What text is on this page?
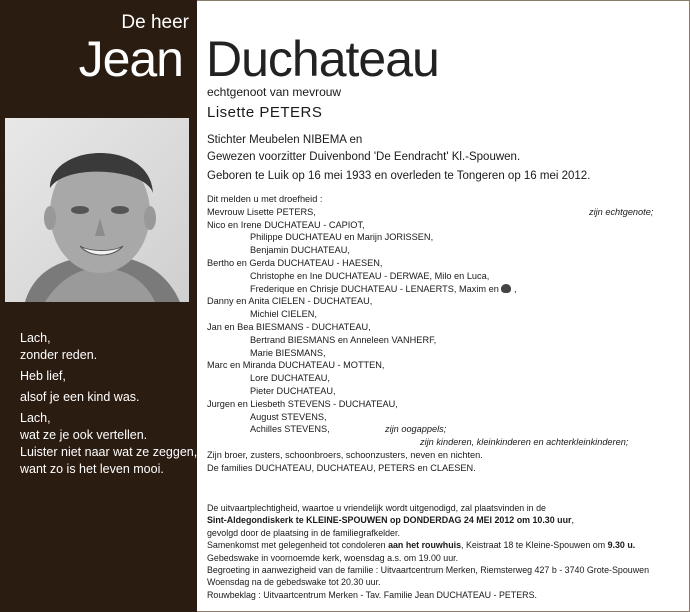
De heer
Jean
Lach,
zonder reden.
Heb lief,
alsof je een kind was.
Lach,
wat ze je ook vertellen.
Luister niet naar wat ze zeggen,
want zo is het leven mooi.
Duchateau
echtgenoot van mevrouw
Lisette PETERS
Stichter Meubelen NIBEMA en
Gewezen voorzitter Duivenbond 'De Eendracht' Kl.-Spouwen.
Geboren te Luik op 16 mei 1933 en overleden te Tongeren op 16 mei 2012.
Dit melden u met droefheid :
Mevrouw Lisette PETERS,	zijn echtgenote;
Nico en Irene DUCHATEAU - CAPIOT,
Philippe DUCHATEAU en Marijn JORISSEN,
Benjamin DUCHATEAU,
Bertho en Gerda DUCHATEAU - HAESEN,
Christophe en Ine DUCHATEAU - DERWAE, Milo en Luca,
Frederique en Chrisje DUCHATEAU - LENAERTS, Maxim en ,
Danny en Anita CIELEN - DUCHATEAU,
Michiel CIELEN,
Jan en Bea BIESMANS - DUCHATEAU,
Bertrand BIESMANS en Anneleen VANHERF,
Marie BIESMANS,
Marc en Miranda DUCHATEAU - MOTTEN,
Lore DUCHATEAU,
Pieter DUCHATEAU,
Jurgen en Liesbeth STEVENS - DUCHATEAU,
August STEVENS,
Achilles STEVENS,	zijn oogappels;
zijn kinderen, kleinkinderen en achterkleinkinderen;
Zijn broer, zusters, schoonbroers, schoonzusters, neven en nichten.
De families DUCHATEAU, DUCHATEAU, PETERS en CLAESEN.
De uitvaartplechtigheid, waartoe u vriendelijk wordt uitgenodigd, zal plaatsvinden in de
Sint-Aldegondiskerk te KLEINE-SPOUWEN op DONDERDAG 24 MEI 2012 om 10.30 uur,
gevolgd door de plaatsing in de familiegrafkelder.
Samenkomst met gelegenheid tot condoleren aan het rouwhuis, Keistraat 18 te Kleine-Spouwen om 9.30 u.
Gebedswake in voornoemde kerk, woensdag a.s. om 19.00 uur.
Begroeting in aanwezigheid van de familie : Uitvaartcentrum Merken, Riemsterweg 427 b - 3740 Grote-Spouwen
Woensdag na de gebedswake tot 20.30 uur.
Rouwbeklag : Uitvaartcentrum Merken - Tav. Familie Jean DUCHATEAU - PETERS.
